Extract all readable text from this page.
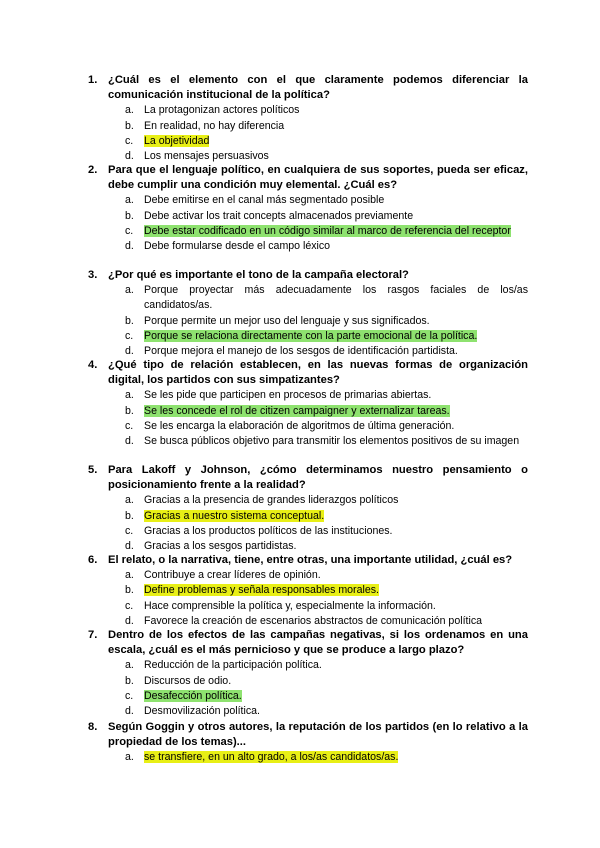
1. ¿Cuál es el elemento con el que claramente podemos diferenciar la comunicación institucional de la política?
a. La protagonizan actores políticos
b. En realidad, no hay diferencia
c.	La objetividad
d. Los mensajes persuasivos
2. Para que el lenguaje político, en cualquiera de sus soportes, pueda ser eficaz, debe cumplir una condición muy elemental. ¿Cuál es?
a. Debe emitirse en el canal más segmentado posible
b. Debe activar los trait concepts almacenados previamente
c.	Debe estar codificado en un código similar al marco de referencia del receptor
d. Debe formularse desde el campo léxico
3. ¿Por qué es importante el tono de la campaña electoral?
a. Porque proyectar más adecuadamente los rasgos faciales de los/as candidatos/as.
b. Porque permite un mejor uso del lenguaje y sus significados.
c.	Porque se relaciona directamente con la parte emocional de la política.
d. Porque mejora el manejo de los sesgos de identificación partidista.
4. ¿Qué tipo de relación establecen, en las nuevas formas de organización digital, los partidos con sus simpatizantes?
a. Se les pide que participen en procesos de primarias abiertas.
b. Se les concede el rol de citizen campaigner y externalizar tareas.
c.	Se les encarga la elaboración de algoritmos de última generación.
d. Se busca públicos objetivo para transmitir los elementos positivos de su imagen
5. Para Lakoff y Johnson, ¿cómo determinamos nuestro pensamiento o posicionamiento frente a la realidad?
a. Gracias a la presencia de grandes liderazgos políticos
b. Gracias a nuestro sistema conceptual.
c.	Gracias a los productos políticos de las instituciones.
d. Gracias a los sesgos partidistas.
6. El relato, o la narrativa, tiene, entre otras, una importante utilidad, ¿cuál es?
a. Contribuye a crear líderes de opinión.
b. Define problemas y señala responsables morales.
c.	Hace comprensible la política y, especialmente la información.
d. Favorece la creación de escenarios abstractos de comunicación política
7. Dentro de los efectos de las campañas negativas, si los ordenamos en una escala, ¿cuál es el más pernicioso y que se produce a largo plazo?
a. Reducción de la participación política.
b. Discursos de odio.
c.	Desafección política.
d. Desmovilización política.
8. Según Goggin y otros autores, la reputación de los partidos (en lo relativo a la propiedad de los temas)...
a. se transfiere, en un alto grado, a los/as candidatos/as.
